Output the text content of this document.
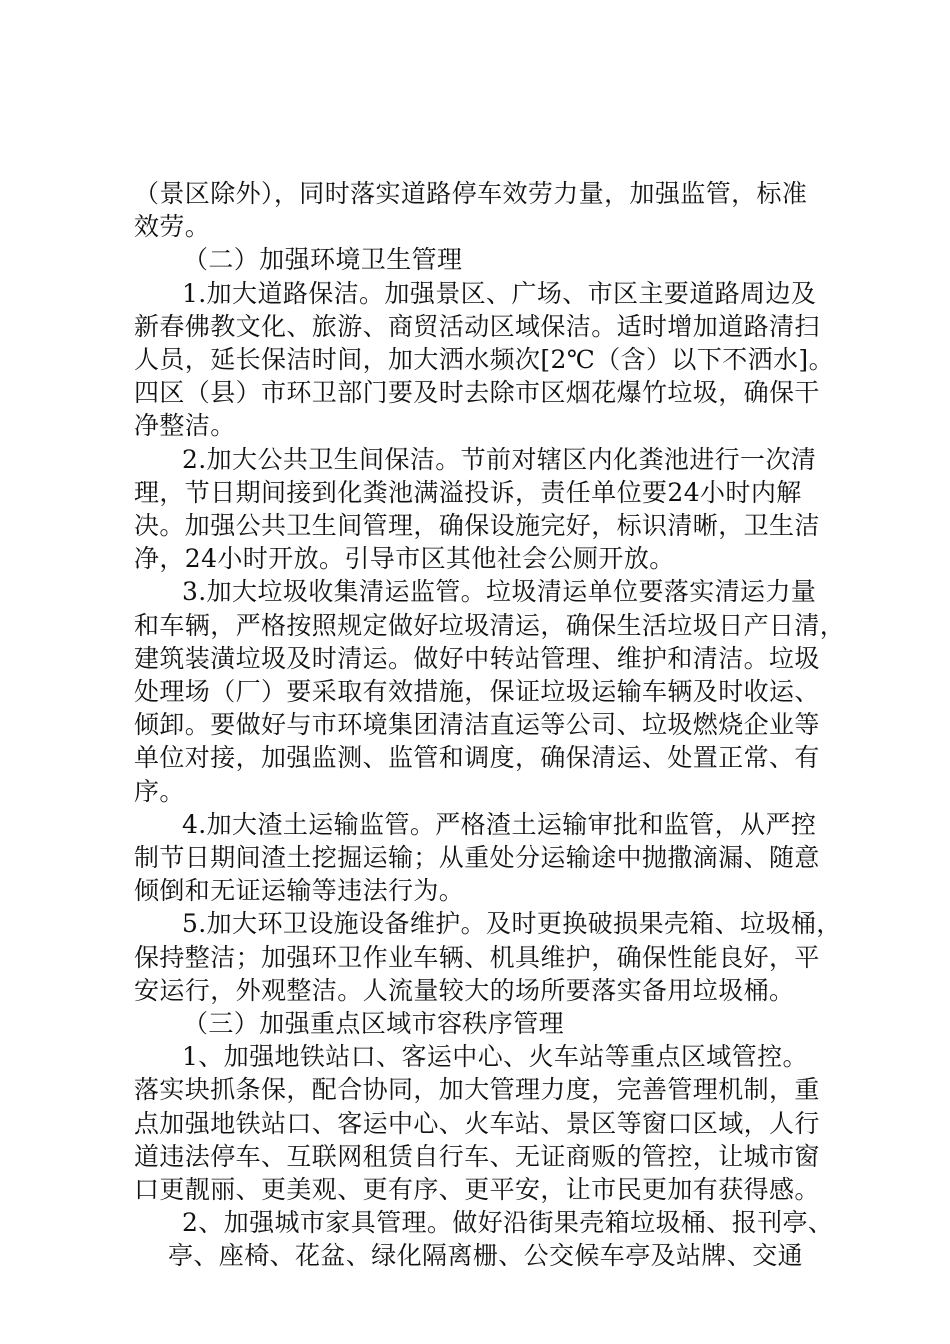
（景区除外），同时落实道路停车效劳力量，加强监管，标准
效劳。
（二）加强环境卫生管理
1.加大道路保洁。加强景区、广场、市区主要道路周边及
新春佛教文化、旅游、商贸活动区域保洁。适时增加道路清扫
人员，延长保洁时间，加大洒水频次[2℃（含）以下不洒水]。
四区（县）市环卫部门要及时去除市区烟花爆竹垃圾，确保干
净整洁。
2.加大公共卫生间保洁。节前对辖区内化粪池进行一次清
理，节日期间接到化粪池满溢投诉，责任单位要24小时内解
决。加强公共卫生间管理，确保设施完好，标识清晰，卫生洁
净，24小时开放。引导市区其他社会公厕开放。
3.加大垃圾收集清运监管。垃圾清运单位要落实清运力量
和车辆，严格按照规定做好垃圾清运，确保生活垃圾日产日清，
建筑装潢垃圾及时清运。做好中转站管理、维护和清洁。垃圾
处理场（厂）要采取有效措施，保证垃圾运输车辆及时收运、
倾卸。要做好与市环境集团清洁直运等公司、垃圾燃烧企业等
单位对接，加强监测、监管和调度，确保清运、处置正常、有
序。
4.加大渣土运输监管。严格渣土运输审批和监管，从严控
制节日期间渣土挖掘运输；从重处分运输途中抛撒滴漏、随意
倾倒和无证运输等违法行为。
5.加大环卫设施设备维护。及时更换破损果壳箱、垃圾桶，
保持整洁；加强环卫作业车辆、机具维护，确保性能良好，平
安运行，外观整洁。人流量较大的场所要落实备用垃圾桶。
（三）加强重点区域市容秩序管理
1、加强地铁站口、客运中心、火车站等重点区域管控。
落实块抓条保，配合协同，加大管理力度，完善管理机制，重
点加强地铁站口、客运中心、火车站、景区等窗口区域，人行
道违法停车、互联网租赁自行车、无证商贩的管控，让城市窗
口更靓丽、更美观、更有序、更平安，让市民更加有获得感。
2、加强城市家具管理。做好沿街果壳箱垃圾桶、报刊亭、
亭、座椅、花盆、绿化隔离栅、公交候车亭及站牌、交通
